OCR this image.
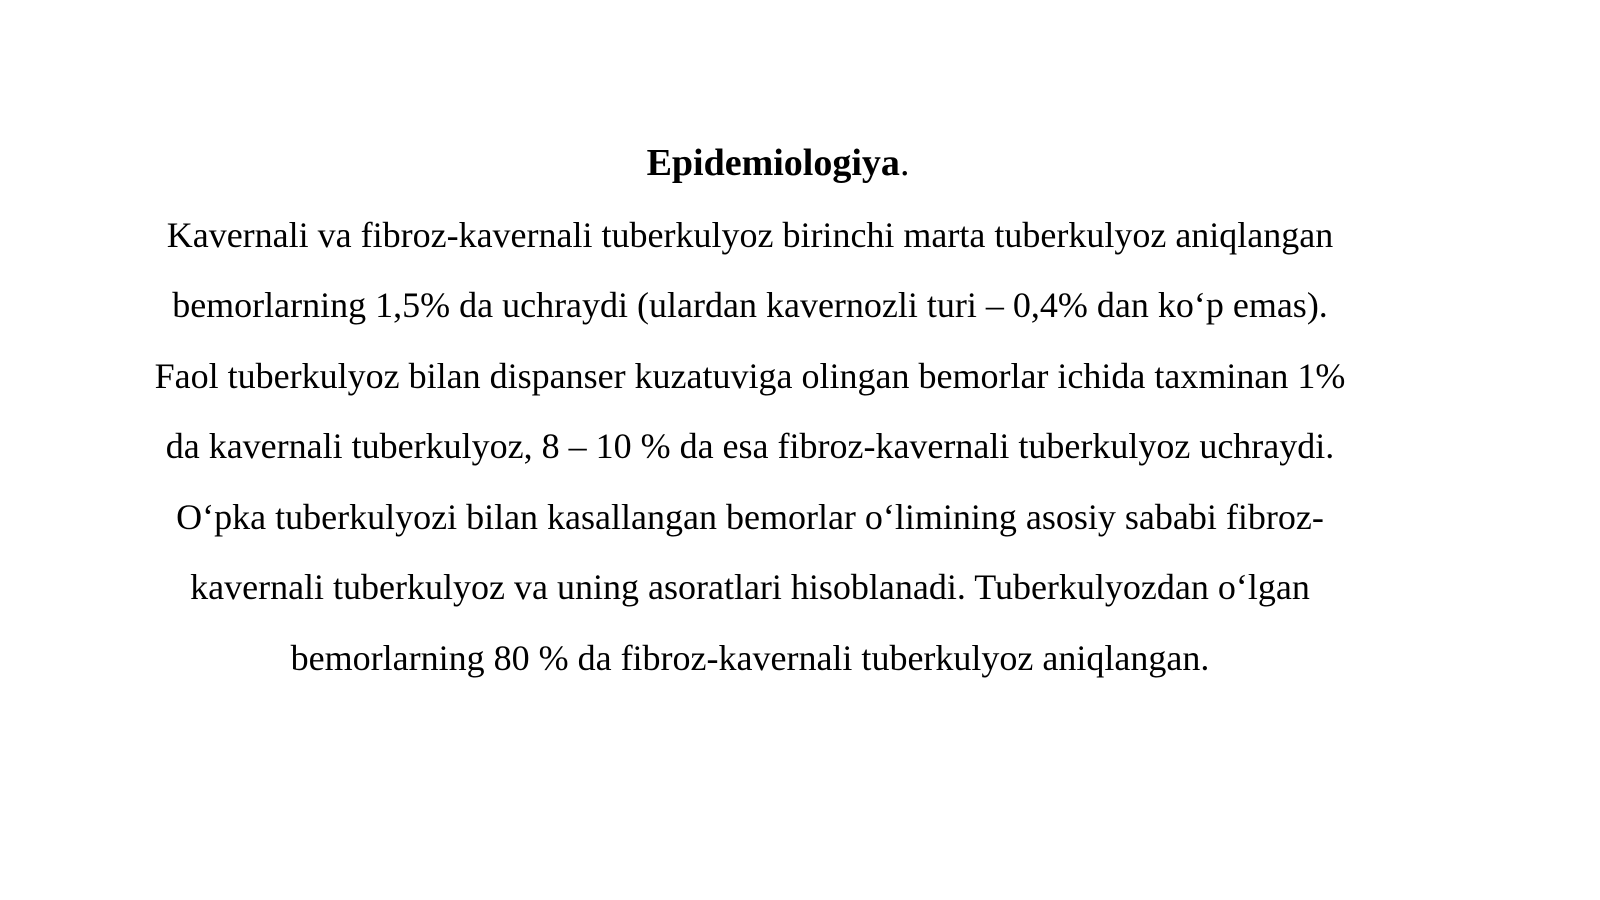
Epidemiologiya.
Kavernali va fibroz-kavernali tuberkulyoz birinchi marta tuberkulyoz aniqlangan
bemorlarning 1,5% da uchraydi (ulardan kavernozli turi – 0,4% dan ko‘p emas).
Faol tuberkulyoz bilan dispanser kuzatuviga olingan bemorlar ichida taxminan 1%
da kavernali tuberkulyoz, 8 – 10 % da esa fibroz-kavernali tuberkulyoz uchraydi.
O‘pka tuberkulyozi bilan kasallangan bemorlar o‘limining asosiy sababi fibroz-
kavernali tuberkulyoz va uning asoratlari hisoblanadi. Tuberkulyozdan o‘lgan
bemorlarning 80 % da fibroz-kavernali tuberkulyoz aniqlangan.
